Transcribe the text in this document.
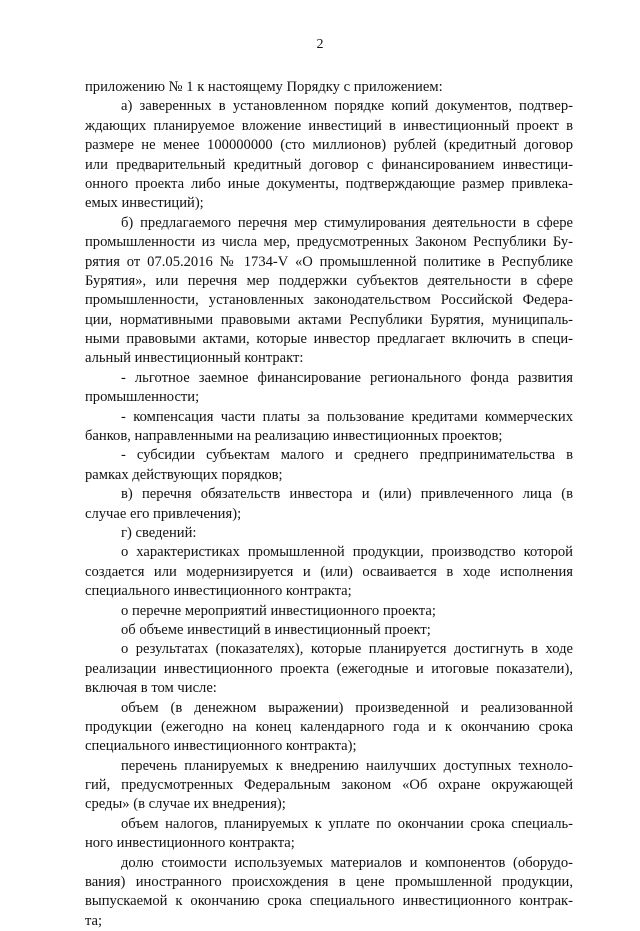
2
приложению № 1 к настоящему Порядку с приложением:
а) заверенных в установленном порядке копий документов, подтвер-
ждающих планируемое вложение инвестиций в инвестиционный проект в
размере не менее 100000000 (сто миллионов) рублей (кредитный договор
или предварительный кредитный договор с финансированием инвестици-
онного проекта либо иные документы, подтверждающие размер привлека-
емых инвестиций);
б) предлагаемого перечня мер стимулирования деятельности в сфере
промышленности из числа мер, предусмотренных Законом Республики Бу-
рятия от 07.05.2016 № 1734-V «О промышленной политике в Республике
Бурятия», или перечня мер поддержки субъектов деятельности в сфере
промышленности, установленных законодательством Российской Федера-
ции, нормативными правовыми актами Республики Бурятия, муниципаль-
ными правовыми актами, которые инвестор предлагает включить в специ-
альный инвестиционный контракт:
- льготное заемное финансирование регионального фонда развития
промышленности;
- компенсация части платы за пользование кредитами коммерческих
банков, направленными на реализацию инвестиционных проектов;
- субсидии субъектам малого и среднего предпринимательства в
рамках действующих порядков;
в) перечня обязательств инвестора и (или) привлеченного лица (в
случае его привлечения);
г) сведений:
о характеристиках промышленной продукции, производство которой
создается или модернизируется и (или) осваивается в ходе исполнения
специального инвестиционного контракта;
о перечне мероприятий инвестиционного проекта;
об объеме инвестиций в инвестиционный проект;
о результатах (показателях), которые планируется достигнуть в ходе
реализации инвестиционного проекта (ежегодные и итоговые показатели),
включая в том числе:
объем (в денежном выражении) произведенной и реализованной
продукции (ежегодно на конец календарного года и к окончанию срока
специального инвестиционного контракта);
перечень планируемых к внедрению наилучших доступных техноло-
гий, предусмотренных Федеральным законом «Об охране окружающей
среды» (в случае их внедрения);
объем налогов, планируемых к уплате по окончании срока специаль-
ного инвестиционного контракта;
долю стоимости используемых материалов и компонентов (оборудо-
вания) иностранного происхождения в цене промышленной продукции,
выпускаемой к окончанию срока специального инвестиционного контрак-
та;
